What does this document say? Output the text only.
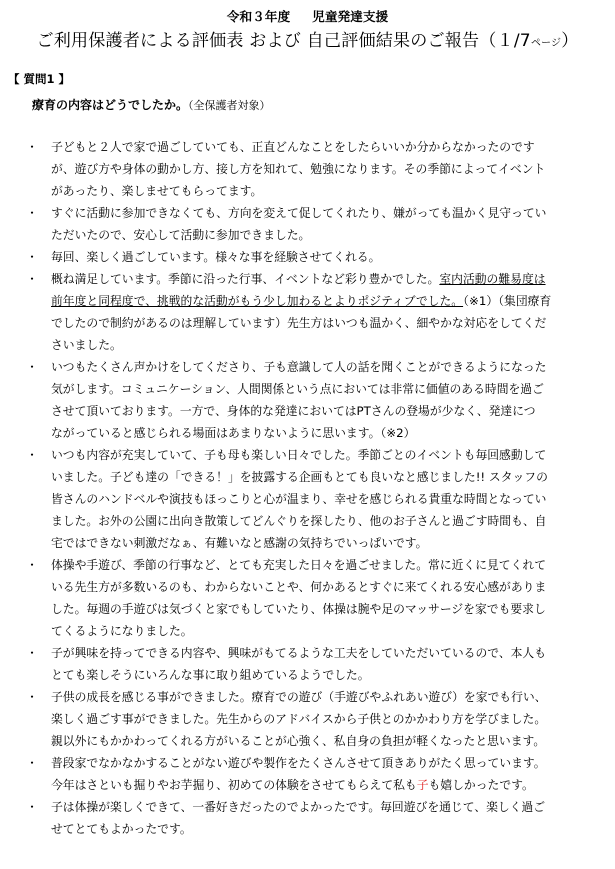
令和３年度 児童発達支援
ご利用保護者による評価表 および 自己評価結果のご報告（１/7ページ）
【 質問1 】
療育の内容はどうでしたか。（全保護者対象）
・ 子どもと２人で家で過ごしていても、正直どんなことをしたらいいか分からなかったのです
が、遊び方や身体の動かし方、接し方を知れて、勉強になります。その季節によってイベント
があったり、楽しませてもらってます。
・ すぐに活動に参加できなくても、方向を変えて促してくれたり、嫌がっても温かく見守ってい
ただいたので、安心して活動に参加できました。
・ 毎回、楽しく過ごしています。様々な事を経験させてくれる。
・ 概ね満足しています。季節に沿った行事、イベントなど彩り豊かでした。室内活動の難易度は
前年度と同程度で、挑戦的な活動がもう少し加わるとよりポジティブでした。（※1）（集団療育
でしたので制約があるのは理解しています）先生方はいつも温かく、細やかな対応をしてくだ
さいました。
・ いつもたくさん声かけをしてくださり、子も意識して人の話を聞くことができるようになった
気がします。コミュニケーション、人間関係という点においては非常に価値のある時間を過ご
させて頂いております。一方で、身体的な発達においてはPTさんの登場が少なく、発達につ
ながっていると感じられる場面はあまりないように思います。（※2）
・ いつも内容が充実していて、子も母も楽しい日々でした。季節ごとのイベントも毎回感動して
いました。子ども達の「できる！」を披露する企画もとても良いなと感じました!! スタッフの
皆さんのハンドベルや演技もほっこりと心が温まり、幸せを感じられる貴重な時間となってい
ました。お外の公園に出向き散策してどんぐりを探したり、他のお子さんと過ごす時間も、自
宅ではできない刺激だなぁ、有難いなと感謝の気持ちでいっぱいです。
・ 体操や手遊び、季節の行事など、とても充実した日々を過ごせました。常に近くに見てくれて
いる先生方が多数いるのも、わからないことや、何かあるとすぐに来てくれる安心感がありま
した。毎週の手遊びは気づくと家でもしていたり、体操は腕や足のマッサージを家でも要求し
てくるようになりました。
・ 子が興味を持ってできる内容や、興味がもてるような工夫をしていただいているので、本人も
とても楽しそうにいろんな事に取り組めているようでした。
・ 子供の成長を感じる事ができました。療育での遊び（手遊びやふれあい遊び）を家でも行い、
楽しく過ごす事ができました。先生からのアドバイスから子供とのかかわり方を学びました。
親以外にもかかわってくれる方がいることが心強く、私自身の負担が軽くなったと思います。
・ 普段家でなかなかすることがない遊びや製作をたくさんさせて頂きありがたく思っています。
今年はさといも掘りやお芋掘り、初めての体験をさせてもらえて私も子も嬉しかったです。
・ 子は体操が楽しくできて、一番好きだったのでよかったです。毎回遊びを通じて、楽しく過ご
せてとてもよかったです。
